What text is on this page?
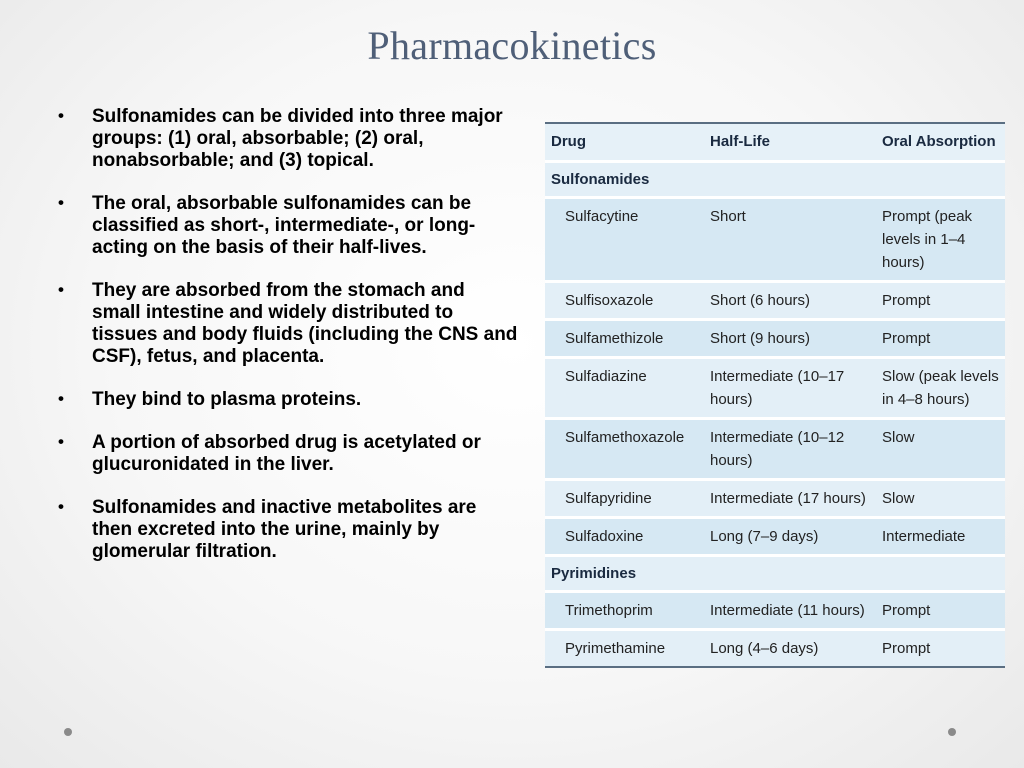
Pharmacokinetics
• Sulfonamides can be divided into three major groups: (1) oral, absorbable; (2) oral, nonabsorbable; and (3) topical.
• The oral, absorbable sulfonamides can be classified as short-, intermediate-, or long-acting on the basis of their half-lives.
• They are absorbed from the stomach and small intestine and widely distributed to tissues and body fluids (including the CNS and CSF), fetus, and placenta.
• They bind to plasma proteins.
• A portion of absorbed drug is acetylated or glucuronidated in the liver.
• Sulfonamides and inactive metabolites are then excreted into the urine, mainly by glomerular filtration.
Drug	Half-Life	Oral Absorption
Sulfonamides		
Sulfacytine	Short	Prompt (peak levels in 1–4 hours)
Sulfisoxazole	Short (6 hours)	Prompt
Sulfamethizole	Short (9 hours)	Prompt
Sulfadiazine	Intermediate (10–17 hours)	Slow (peak levels in 4–8 hours)
Sulfamethoxazole	Intermediate (10–12 hours)	Slow
Sulfapyridine	Intermediate (17 hours)	Slow
Sulfadoxine	Long (7–9 days)	Intermediate
Pyrimidines		
Trimethoprim	Intermediate (11 hours)	Prompt
Pyrimethamine	Long (4–6 days)	Prompt
